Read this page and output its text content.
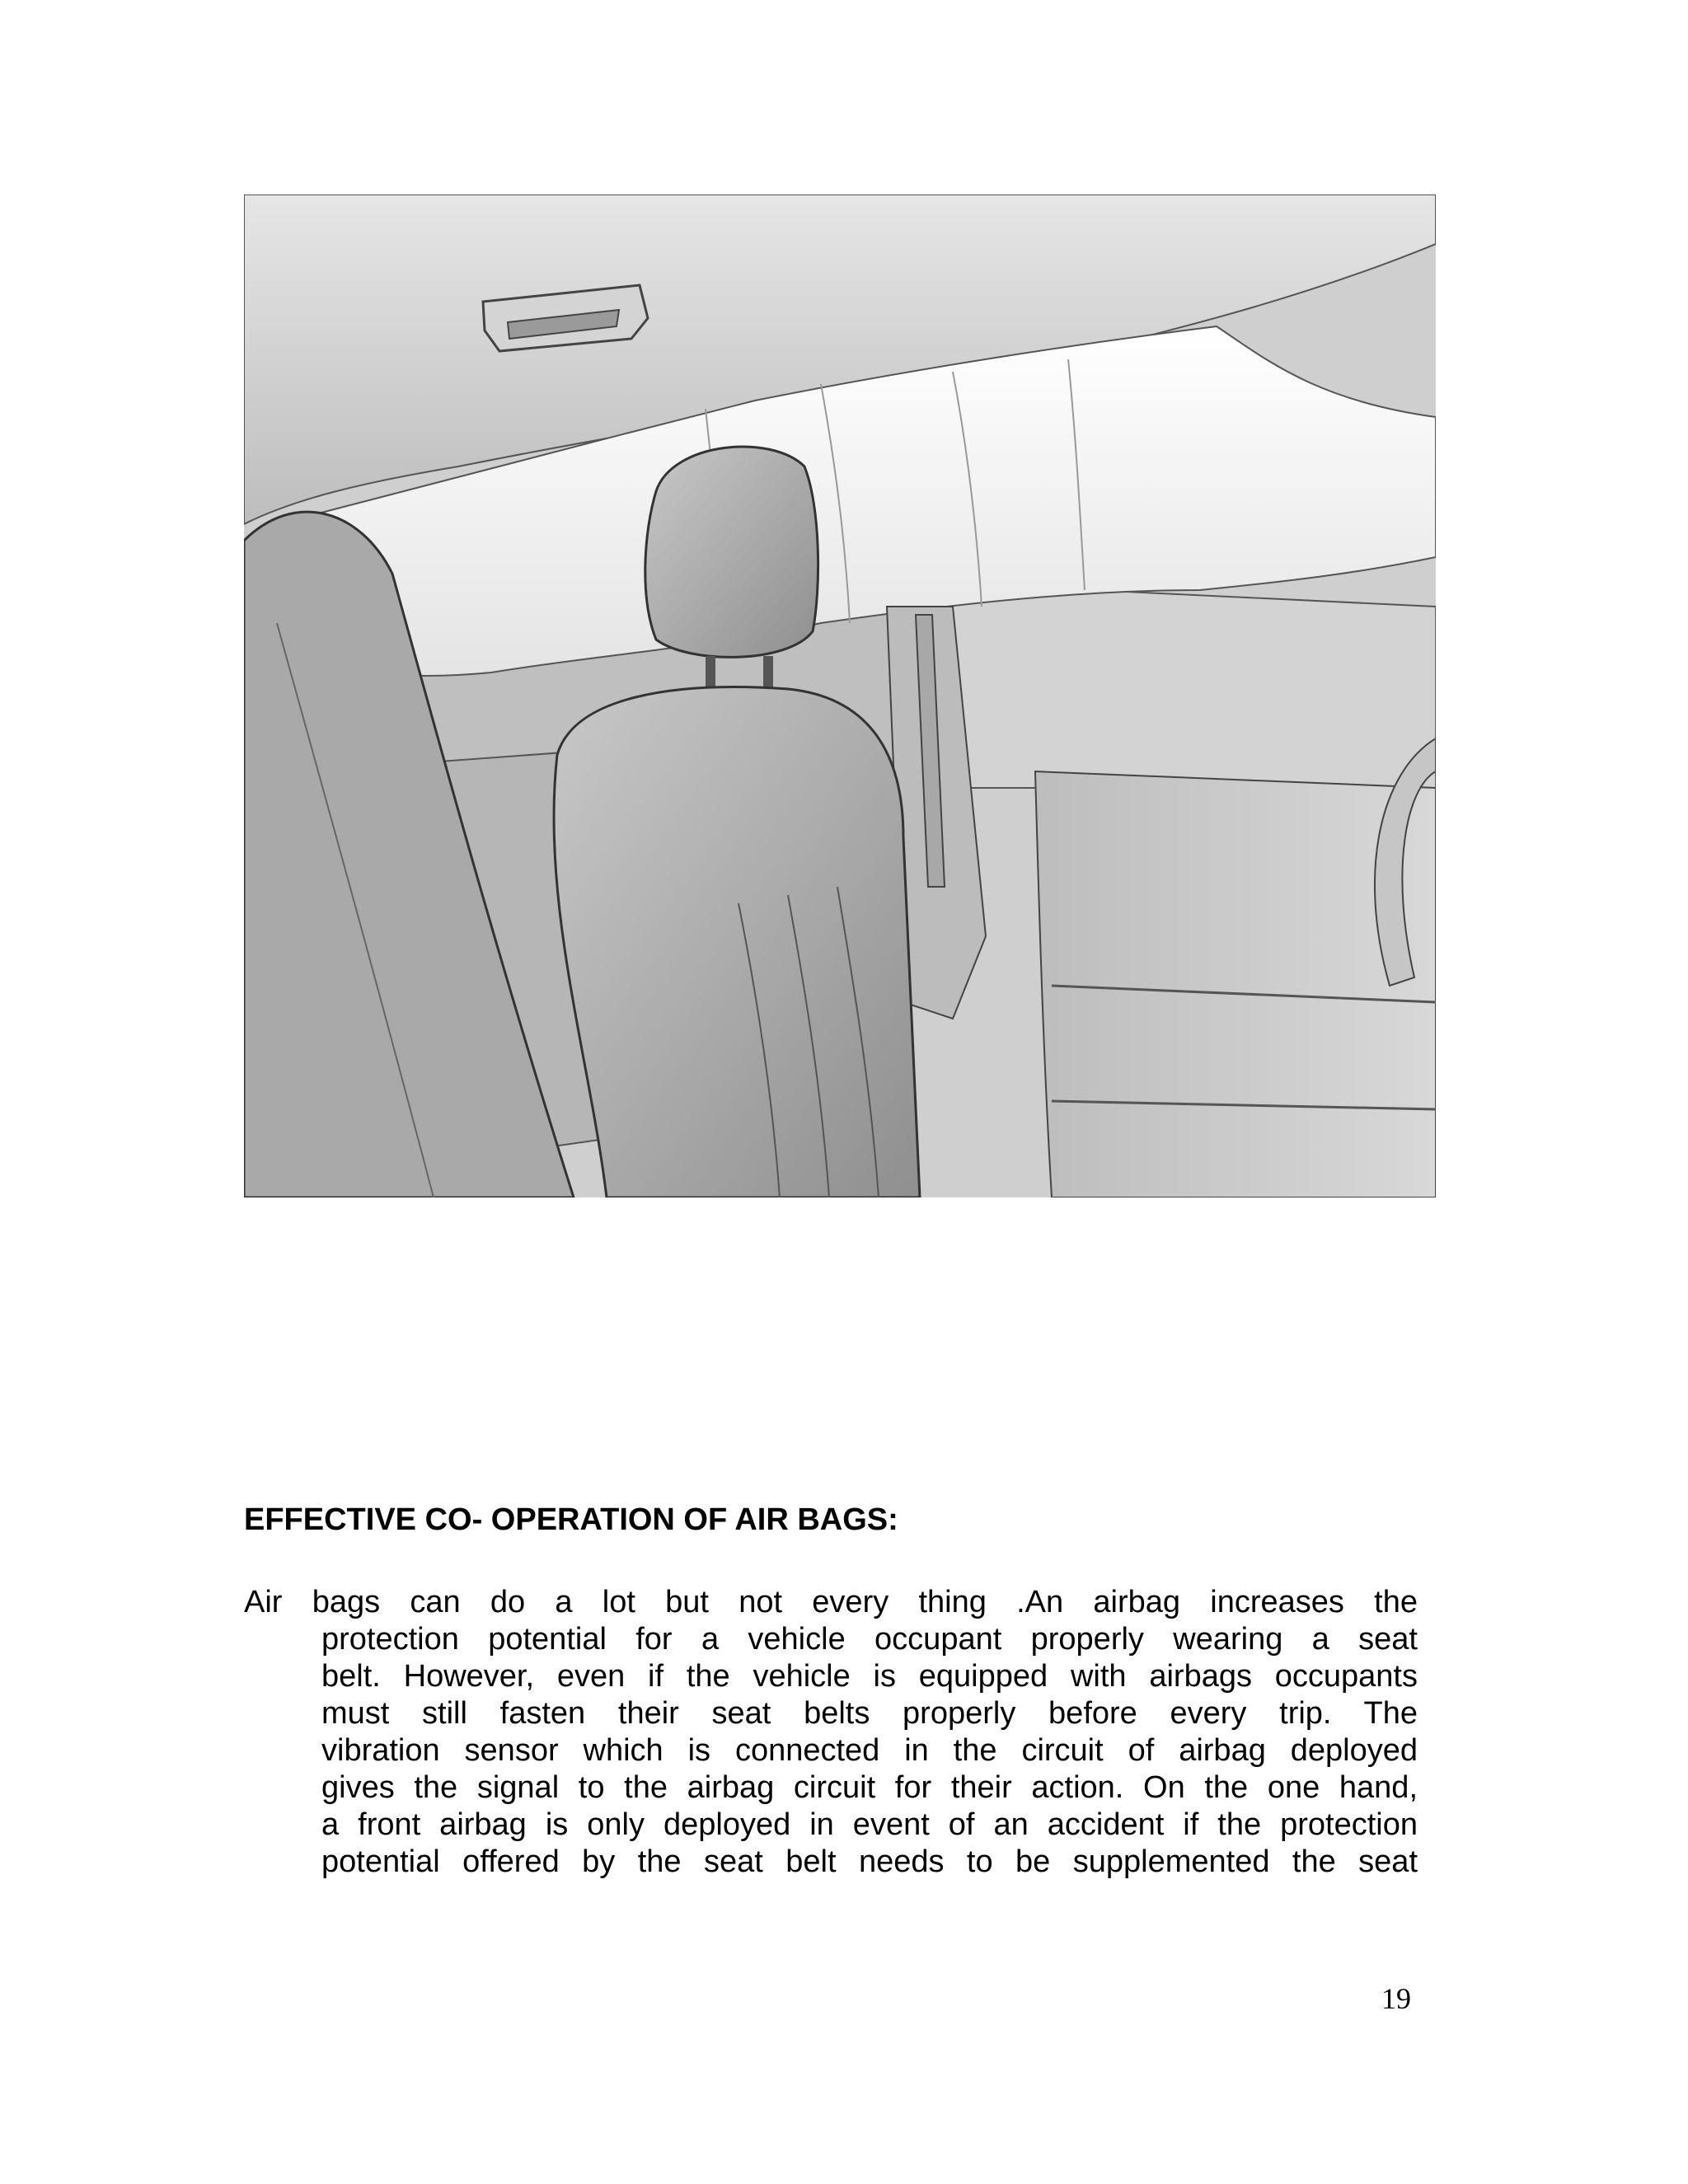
EFFECTIVE CO- OPERATION OF AIR BAGS:
Air bags can do a lot but not every thing .An airbag increases the
protection potential for a vehicle occupant properly wearing a seat
belt. However, even if the vehicle is equipped with airbags occupants
must still fasten their seat belts properly before every trip. The
vibration sensor which is connected in the circuit of airbag deployed
gives the signal to the airbag circuit for their action. On the one hand,
a front airbag is only deployed in event of an accident if the protection
potential offered by the seat belt needs to be supplemented the seat
19
